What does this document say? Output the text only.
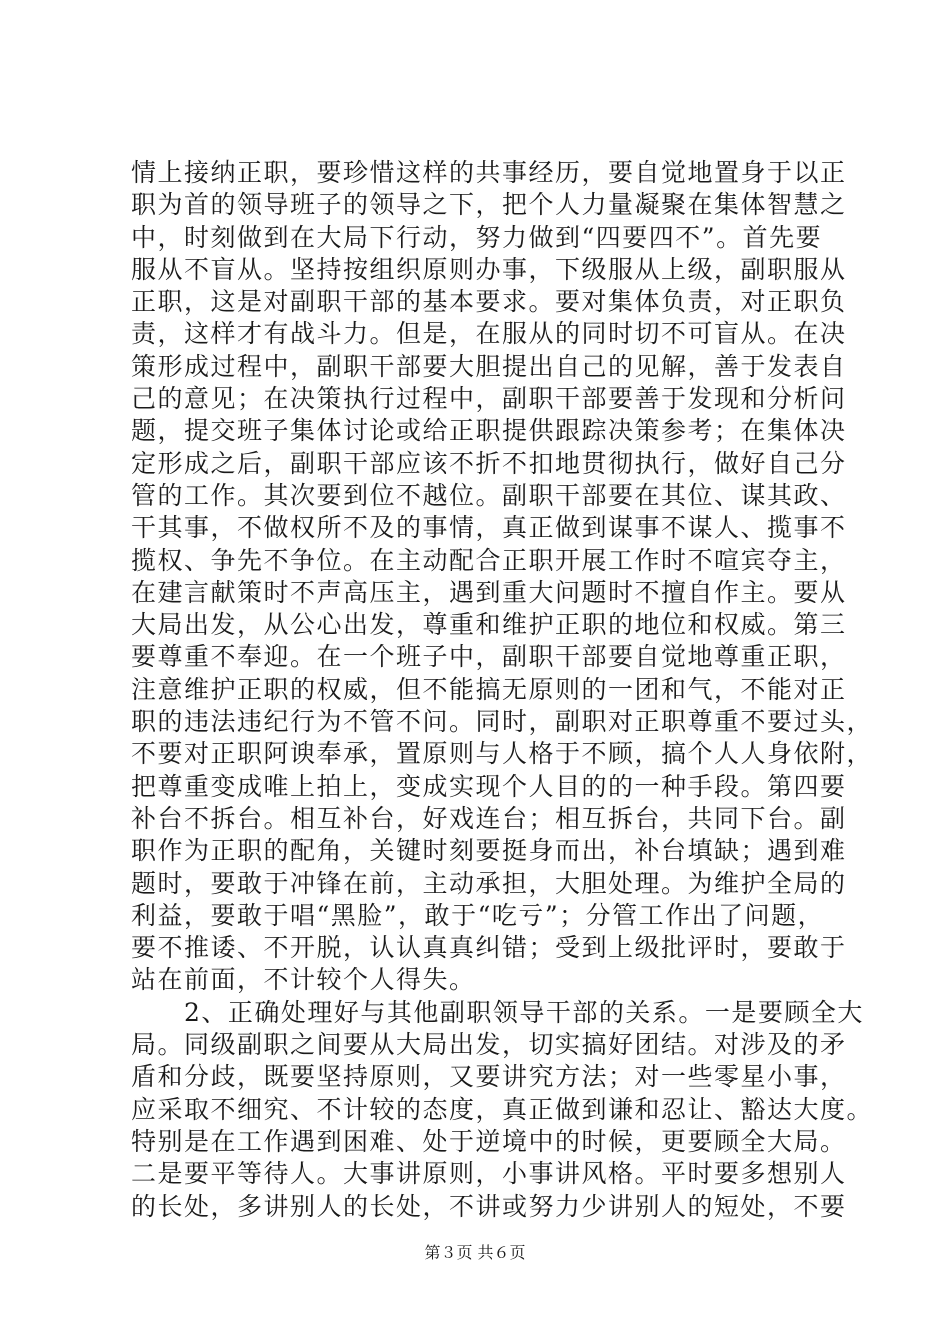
情上接纳正职，要珍惜这样的共事经历，要自觉地置身于以正
职为首的领导班子的领导之下，把个人力量凝聚在集体智慧之
中，时刻做到在大局下行动，努力做到“四要四不”。首先要
服从不盲从。坚持按组织原则办事，下级服从上级，副职服从
正职，这是对副职干部的基本要求。要对集体负责，对正职负
责，这样才有战斗力。但是，在服从的同时切不可盲从。在决
策形成过程中，副职干部要大胆提出自己的见解，善于发表自
己的意见；在决策执行过程中，副职干部要善于发现和分析问
题，提交班子集体讨论或给正职提供跟踪决策参考；在集体决
定形成之后，副职干部应该不折不扣地贯彻执行，做好自己分
管的工作。其次要到位不越位。副职干部要在其位、谋其政、
干其事，不做权所不及的事情，真正做到谋事不谋人、揽事不
揽权、争先不争位。在主动配合正职开展工作时不喧宾夺主，
在建言献策时不声高压主，遇到重大问题时不擅自作主。要从
大局出发，从公心出发，尊重和维护正职的地位和权威。第三
要尊重不奉迎。在一个班子中，副职干部要自觉地尊重正职，
注意维护正职的权威，但不能搞无原则的一团和气，不能对正
职的违法违纪行为不管不问。同时，副职对正职尊重不要过头，
不要对正职阿谀奉承，置原则与人格于不顾，搞个人人身依附，
把尊重变成唯上拍上，变成实现个人目的的一种手段。第四要
补台不拆台。相互补台，好戏连台；相互拆台，共同下台。副
职作为正职的配角，关键时刻要挺身而出，补台填缺；遇到难
题时，要敢于冲锋在前，主动承担，大胆处理。为维护全局的
利益，要敢于唱“黑脸”，敢于“吃亏”；分管工作出了问题，
要不推诿、不开脱，认认真真纠错；受到上级批评时，要敢于
站在前面，不计较个人得失。
　　2、正确处理好与其他副职领导干部的关系。一是要顾全大
局。同级副职之间要从大局出发，切实搞好团结。对涉及的矛
盾和分歧，既要坚持原则，又要讲究方法；对一些零星小事，
应采取不细究、不计较的态度，真正做到谦和忍让、豁达大度。
特别是在工作遇到困难、处于逆境中的时候，更要顾全大局。
二是要平等待人。大事讲原则，小事讲风格。平时要多想别人
的长处，多讲别人的长处，不讲或努力少讲别人的短处，不要
第３页 共６页
